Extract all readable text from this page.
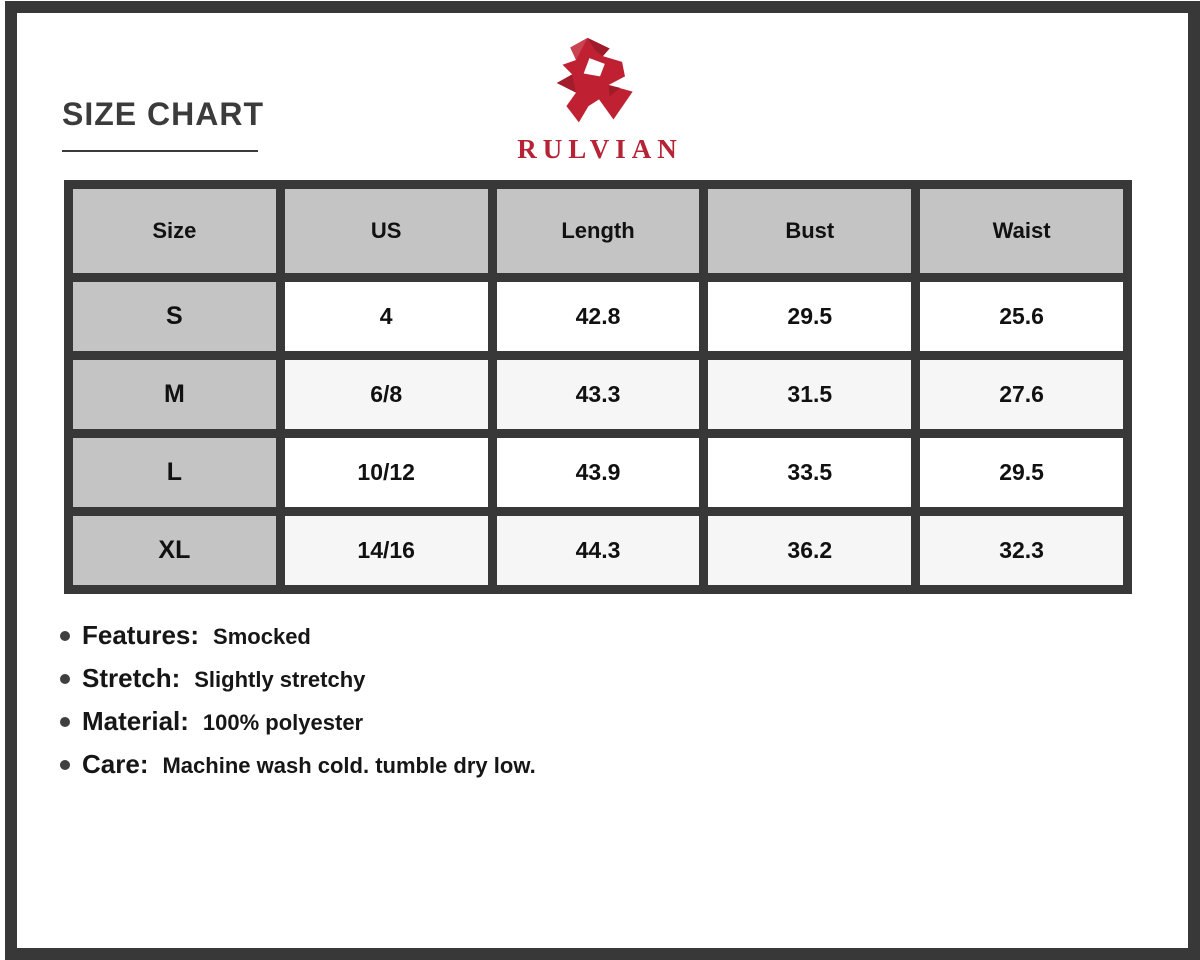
SIZE CHART
RULVIAN
Size	US	Length	Bust	Waist
S	4	42.8	29.5	25.6
M	6/8	43.3	31.5	27.6
L	10/12	43.9	33.5	29.5
XL	14/16	44.3	36.2	32.3
Features: Smocked
Stretch: Slightly stretchy
Material: 100% polyester
Care: Machine wash cold. tumble dry low.
